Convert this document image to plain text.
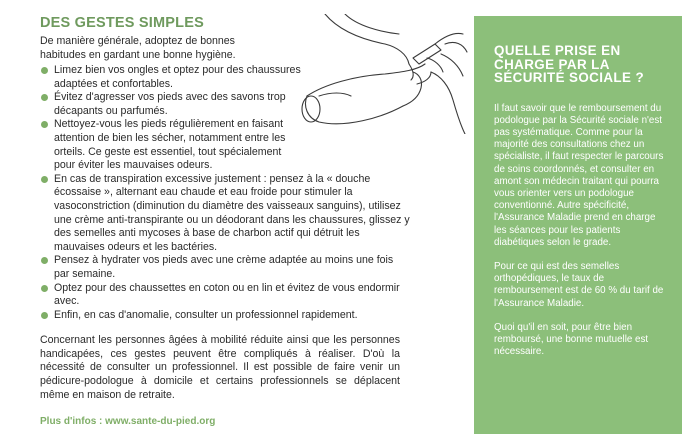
DES GESTES SIMPLES

De manière générale, adoptez de bonnes habitudes en gardant une bonne hygiène.

Limez bien vos ongles et optez pour des chaussures adaptées et confortables.
Évitez d'agresser vos pieds avec des savons trop décapants ou parfumés.
Nettoyez-vous les pieds régulièrement en faisant attention de bien les sécher, notamment entre les orteils. Ce geste est essentiel, tout spécialement pour éviter les mauvaises odeurs.
En cas de transpiration excessive justement : pensez à la « douche écossaise », alternant eau chaude et eau froide pour stimuler la vasoconstriction (diminution du diamètre des vaisseaux sanguins), utilisez une crème anti-transpirante ou un déodorant dans les chaussures, glissez y des semelles anti mycoses à base de charbon actif qui détruit les mauvaises odeurs et les bactéries.
Pensez à hydrater vos pieds avec une crème adaptée au moins une fois par semaine.
Optez pour des chaussettes en coton ou en lin et évitez de vous endormir avec.
Enfin, en cas d'anomalie, consulter un professionnel rapidement.

Concernant les personnes âgées à mobilité réduite ainsi que les personnes handicapées, ces gestes peuvent être compliqués à réaliser. D'où la nécessité de consulter un professionnel. Il est possible de faire venir un pédicure-podologue à domicile et certains professionnels se déplacent même en maison de retraite.

Plus d'infos : www.sante-du-pied.org
QUELLE PRISE EN CHARGE PAR LA SÉCURITÉ SOCIALE ?

Il faut savoir que le remboursement du podologue par la Sécurité sociale n'est pas systématique. Comme pour la majorité des consultations chez un spécialiste, il faut respecter le parcours de soins coordonnés, et consulter en amont son médecin traitant qui pourra vous orienter vers un podologue conventionné. Autre spécificité, l'Assurance Maladie prend en charge les séances pour les patients diabétiques selon le grade.

Pour ce qui est des semelles orthopédiques, le taux de remboursement est de 60 % du tarif de l'Assurance Maladie.

Quoi qu'il en soit, pour être bien remboursé, une bonne mutuelle est nécessaire.
